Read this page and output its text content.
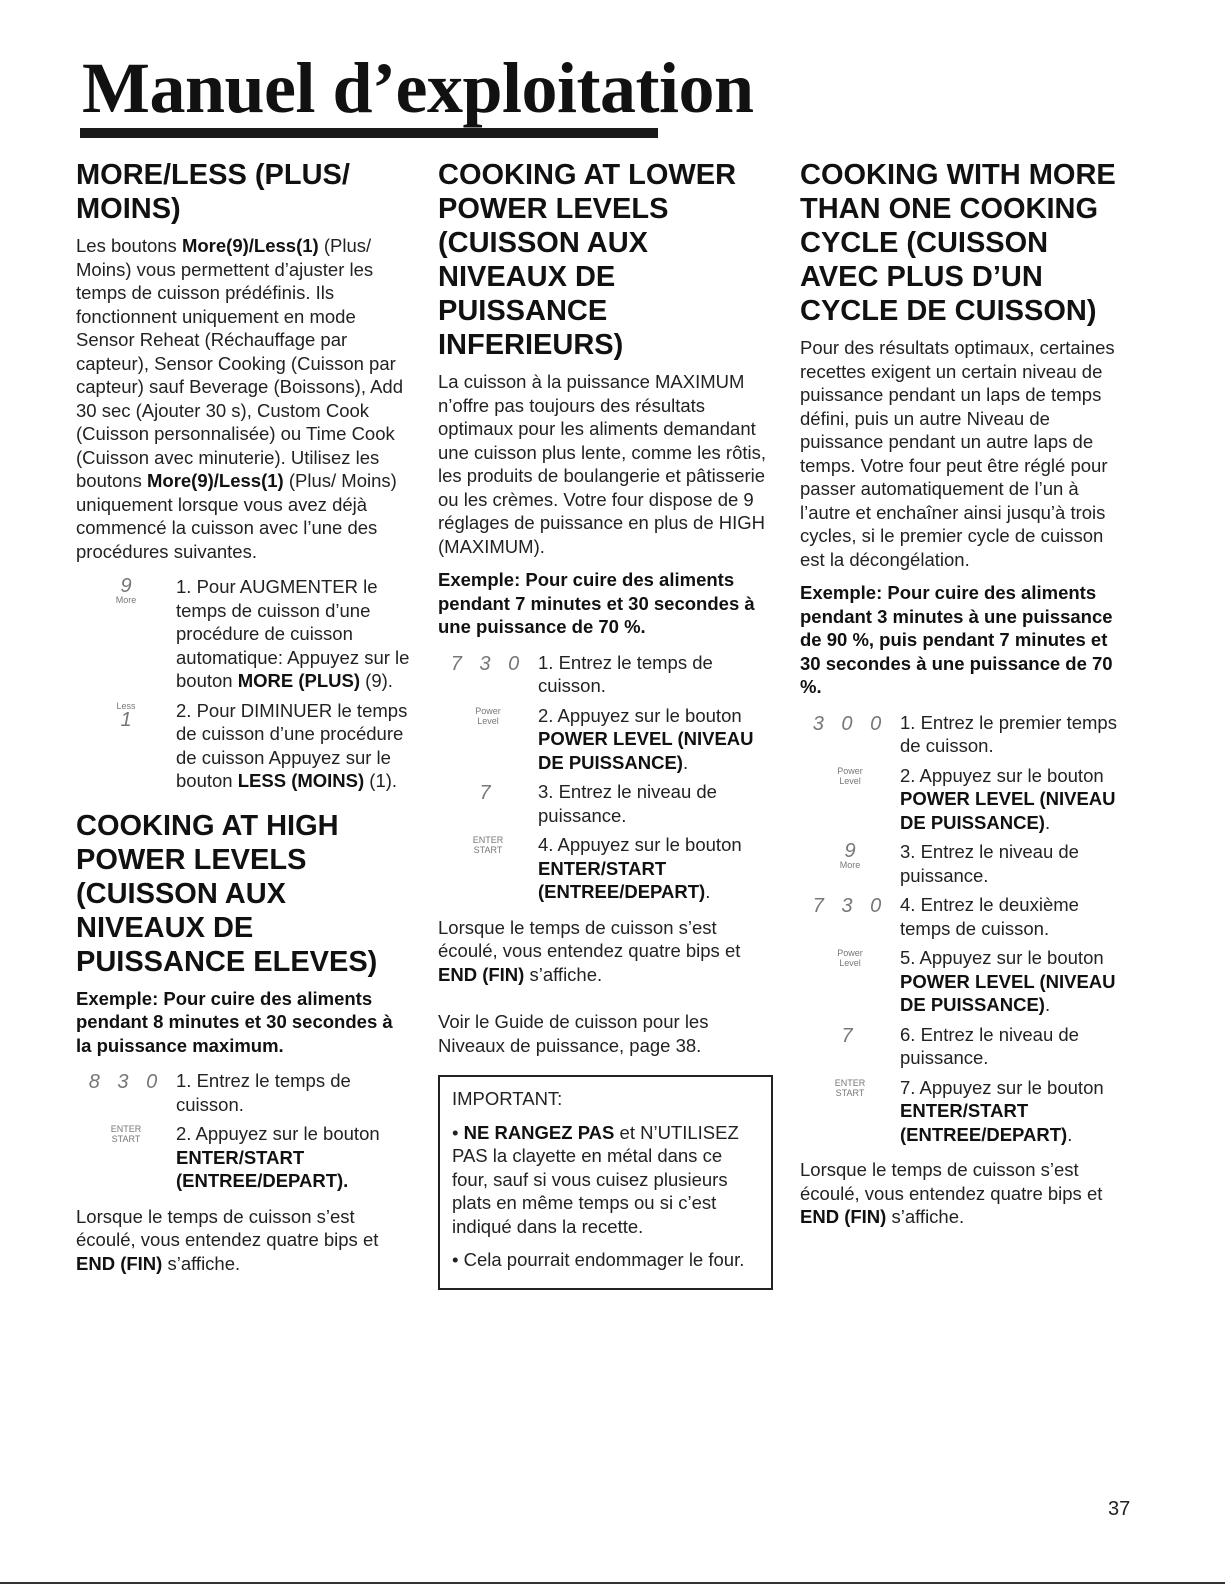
Manuel d’exploitation
MORE/LESS (PLUS/ MOINS)

Les boutons More(9)/Less(1) (Plus/ Moins) vous permettent d’ajuster les temps de cuisson prédéfinis. Ils fonctionnent uniquement en mode Sensor Reheat (Réchauffage par capteur), Sensor Cooking (Cuisson par capteur) sauf Beverage (Boissons), Add 30 sec (Ajouter 30 s), Custom Cook (Cuisson personnalisée) ou Time Cook (Cuisson avec minuterie). Utilisez les boutons More(9)/Less(1) (Plus/ Moins) uniquement lorsque vous avez déjà commencé la cuisson avec l’une des procédures suivantes.

9
More
1. Pour AUGMENTER le temps de cuisson d’une procédure de cuisson automatique: Appuyez sur le bouton MORE (PLUS) (9).
Less
1	2. Pour DIMINUER le temps de cuisson d’une procédure de cuisson Appuyez sur le bouton LESS (MOINS) (1).
COOKING AT HIGH POWER LEVELS (CUISSON AUX NIVEAUX DE PUISSANCE ELEVES)

Exemple: Pour cuire des aliments pendant 8 minutes et 30 secondes à la puissance maximum.

8 3 0 1. Entrez le temps de cuisson.
ENTER
START	2. Appuyez sur le bouton ENTER/START (ENTREE/DEPART).

Lorsque le temps de cuisson s’est écoulé, vous entendez quatre bips et END (FIN) s’affiche.

COOKING AT LOWER POWER LEVELS (CUISSON AUX NIVEAUX DE PUISSANCE INFERIEURS)

La cuisson à la puissance MAXIMUM n’offre pas toujours des résultats optimaux pour les aliments demandant une cuisson plus lente, comme les rôtis, les produits de boulangerie et pâtisserie ou les crèmes. Votre four dispose de 9 réglages de puissance en plus de HIGH (MAXIMUM).

Exemple: Pour cuire des aliments pendant 7 minutes et 30 secondes à une puissance de 70 %.

7 3 0 1. Entrez le temps de cuisson.
Power
Level	2. Appuyez sur le bouton POWER LEVEL (NIVEAU DE PUISSANCE).
7	3. Entrez le niveau de puissance.
ENTER
START	4. Appuyez sur le bouton ENTER/START (ENTREE/DEPART).

Lorsque le temps de cuisson s’est écoulé, vous entendez quatre bips et END (FIN) s’affiche.

Voir le Guide de cuisson pour les Niveaux de puissance, page 38.

IMPORTANT:

• NE RANGEZ PAS et N’UTILISEZ PAS la clayette en métal dans ce four, sauf si vous cuisez plusieurs plats en même temps ou si c’est indiqué dans la recette.

• Cela pourrait endommager le four.

COOKING WITH MORE THAN ONE COOKING CYCLE (CUISSON AVEC PLUS D’UN CYCLE DE CUISSON)

Pour des résultats optimaux, certaines recettes exigent un certain niveau de puissance pendant un laps de temps défini, puis un autre Niveau de puissance pendant un autre laps de temps. Votre four peut être réglé pour passer automatiquement de l’un à l’autre et enchaîner ainsi jusqu’à trois cycles, si le premier cycle de cuisson est la décongélation.

Exemple: Pour cuire des aliments pendant 3 minutes à une puissance de 90 %, puis pendant 7 minutes et 30 secondes à une puissance de 70 %.

3 0 0 1. Entrez le premier temps de cuisson.
Power
Level	2. Appuyez sur le bouton POWER LEVEL (NIVEAU DE PUISSANCE).
9
More
3. Entrez le niveau de puissance.
7 3 0 4. Entrez le deuxième temps de cuisson.
Power
Level	5. Appuyez sur le bouton POWER LEVEL (NIVEAU DE PUISSANCE).
7	6. Entrez le niveau de puissance.
ENTER
START	7. Appuyez sur le bouton ENTER/START (ENTREE/DEPART).

Lorsque le temps de cuisson s’est écoulé, vous entendez quatre bips et END (FIN) s’affiche.

37
